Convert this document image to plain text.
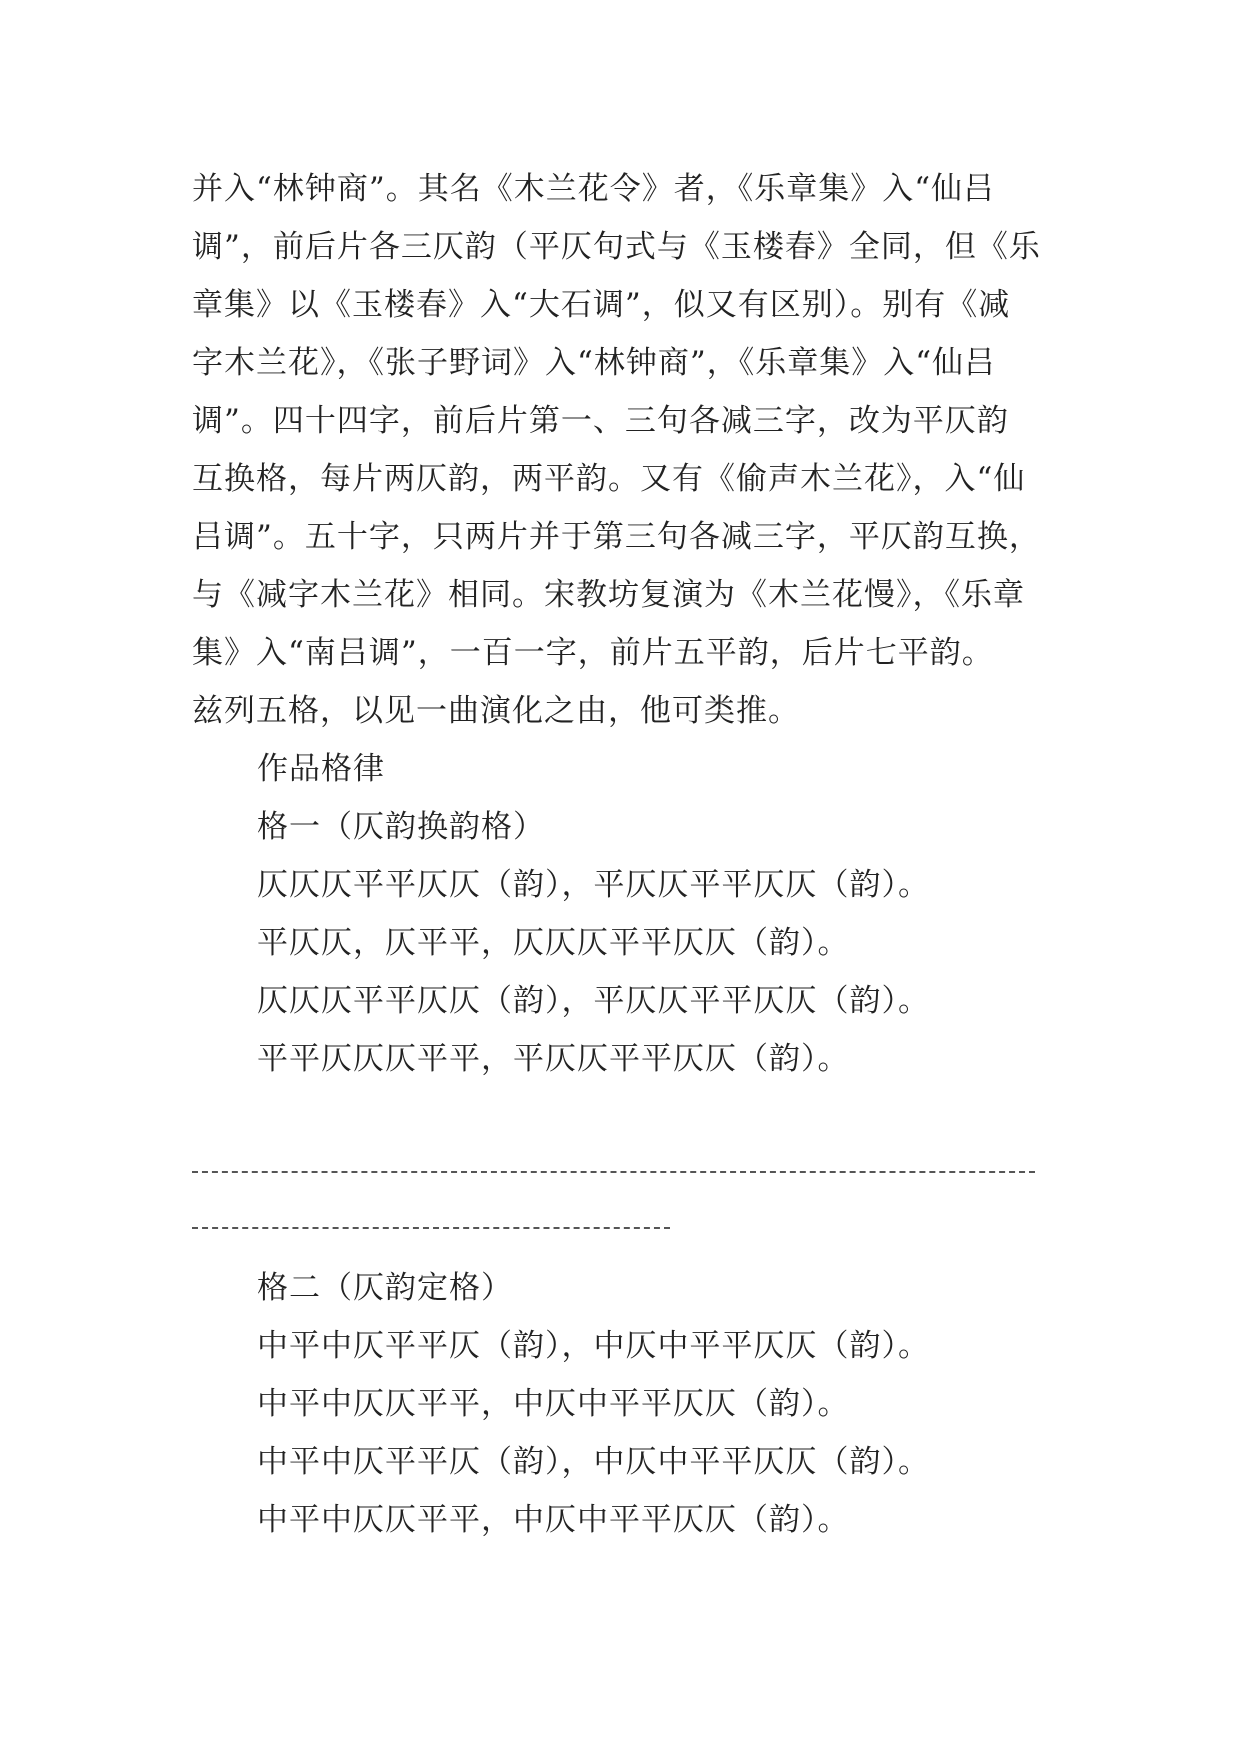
并入“林钟商”。其名《木兰花令》者，《乐章集》入“仙吕
调”，前后片各三仄韵（平仄句式与《玉楼春》全同，但《乐
章集》以《玉楼春》入“大石调”，似又有区别）。别有《减
字木兰花》，《张子野词》入“林钟商”，《乐章集》入“仙吕
调”。四十四字，前后片第一、三句各减三字，改为平仄韵
互换格，每片两仄韵，两平韵。又有《偷声木兰花》，入“仙
吕调”。五十字，只两片并于第三句各减三字，平仄韵互换，
与《减字木兰花》相同。宋教坊复演为《木兰花慢》，《乐章
集》入“南吕调”，一百一字，前片五平韵，后片七平韵。
兹列五格，以见一曲演化之由，他可类推。
作品格律
格一（仄韵换韵格）
仄仄仄平平仄仄（韵），平仄仄平平仄仄（韵）。
平仄仄，仄平平，仄仄仄平平仄仄（韵）。
仄仄仄平平仄仄（韵），平仄仄平平仄仄（韵）。
平平仄仄仄平平，平仄仄平平仄仄（韵）。
格二（仄韵定格）
中平中仄平平仄（韵），中仄中平平仄仄（韵）。
中平中仄仄平平，中仄中平平仄仄（韵）。
中平中仄平平仄（韵），中仄中平平仄仄（韵）。
中平中仄仄平平，中仄中平平仄仄（韵）。
